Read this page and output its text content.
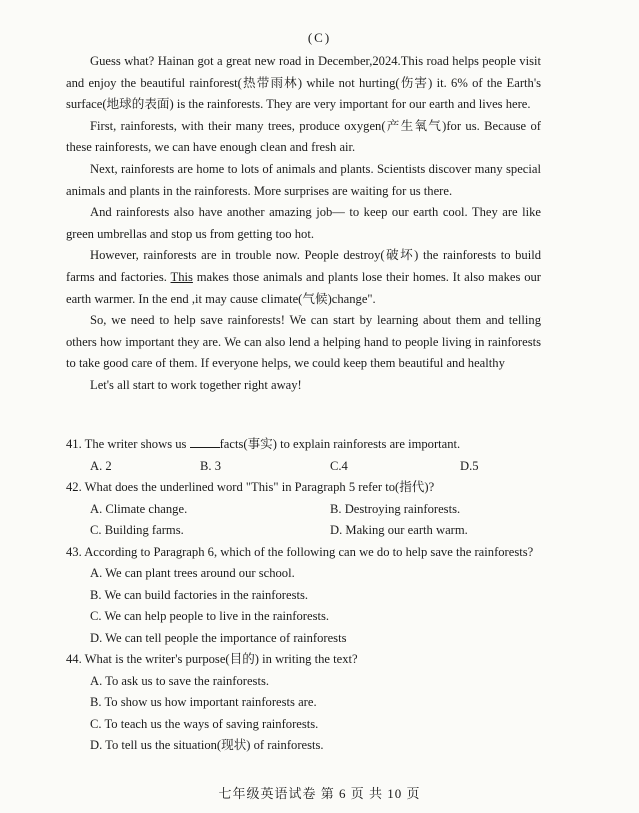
(C)

Guess what? Hainan got a great new road in December,2024.This road helps people visit and enjoy the beautiful rainforest(热带雨林) while not hurting(伤害) it. 6% of the Earth's surface(地球的表面) is the rainforests. They are very important for our earth and lives here.

First, rainforests, with their many trees, produce oxygen(产生氧气)for us. Because of these rainforests, we can have enough clean and fresh air.

Next, rainforests are home to lots of animals and plants. Scientists discover many special animals and plants in the rainforests. More surprises are waiting for us there.

And rainforests also have another amazing job— to keep our earth cool. They are like green umbrellas and stop us from getting too hot.

However, rainforests are in trouble now. People destroy(破坏) the rainforests to build farms and factories. This makes those animals and plants lose their homes. It also makes our earth warmer. In the end ,it may cause climate(气候)change".

So, we need to help save rainforests! We can start by learning about them and telling others how important they are. We can also lend a helping hand to people living in rainforests to take good care of them. If everyone helps, we could keep them beautiful and healthy

Let's all start to work together right away!

41. The writer shows us facts(事实) to explain rainforests are important.

A. 2	B. 3	C.4	D.5

42. What does the underlined word "This" in Paragraph 5 refer to(指代)?

A. Climate change.	B. Destroying rainforests.
C. Building farms.	D. Making our earth warm.

43. According to Paragraph 6, which of the following can we do to help save the rainforests?

A. We can plant trees around our school.
B. We can build factories in the rainforests.
C. We can help people to live in the rainforests.
D. We can tell people the importance of rainforests

44. What is the writer's purpose(目的) in writing the text?

A. To ask us to save the rainforests.
B. To show us how important rainforests are.
C. To teach us the ways of saving rainforests.
D. To tell us the situation(现状) of rainforests.
七年级英语试卷 第 6 页 共 10 页
